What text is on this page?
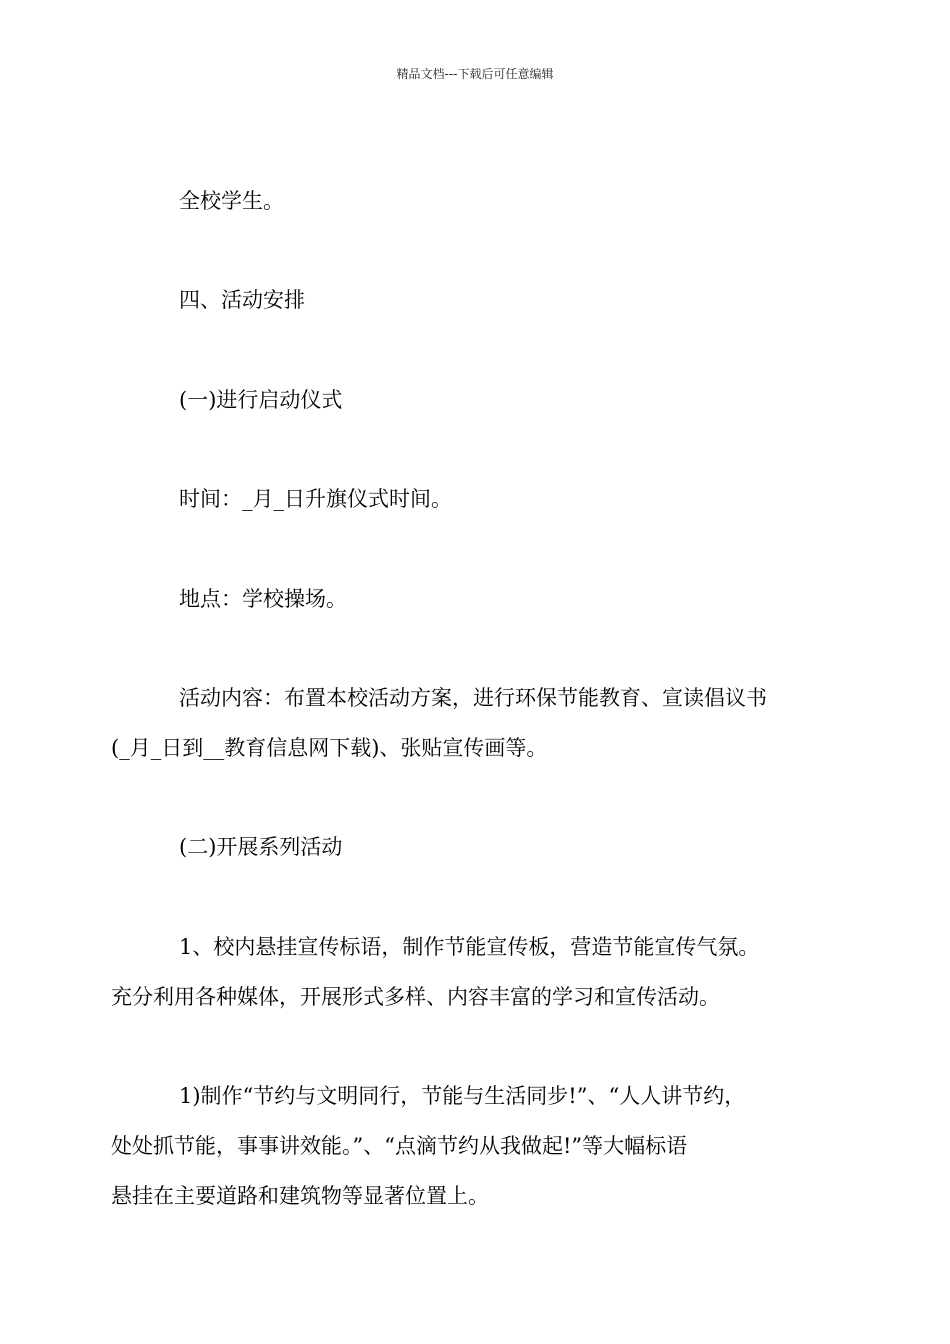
精品文档---下载后可任意编辑
全校学生。
四、活动安排
(一)进行启动仪式
时间：_月_日升旗仪式时间。
地点：学校操场。
活动内容：布置本校活动方案，进行环保节能教育、宣读倡议书
(_月_日到__教育信息网下载)、张贴宣传画等。
(二)开展系列活动
1、校内悬挂宣传标语，制作节能宣传板，营造节能宣传气氛。
充分利用各种媒体，开展形式多样、内容丰富的学习和宣传活动。
1)制作“节约与文明同行，节能与生活同步!”、“人人讲节约，
处处抓节能，事事讲效能。”、“点滴节约从我做起!”等大幅标语
悬挂在主要道路和建筑物等显著位置上。
